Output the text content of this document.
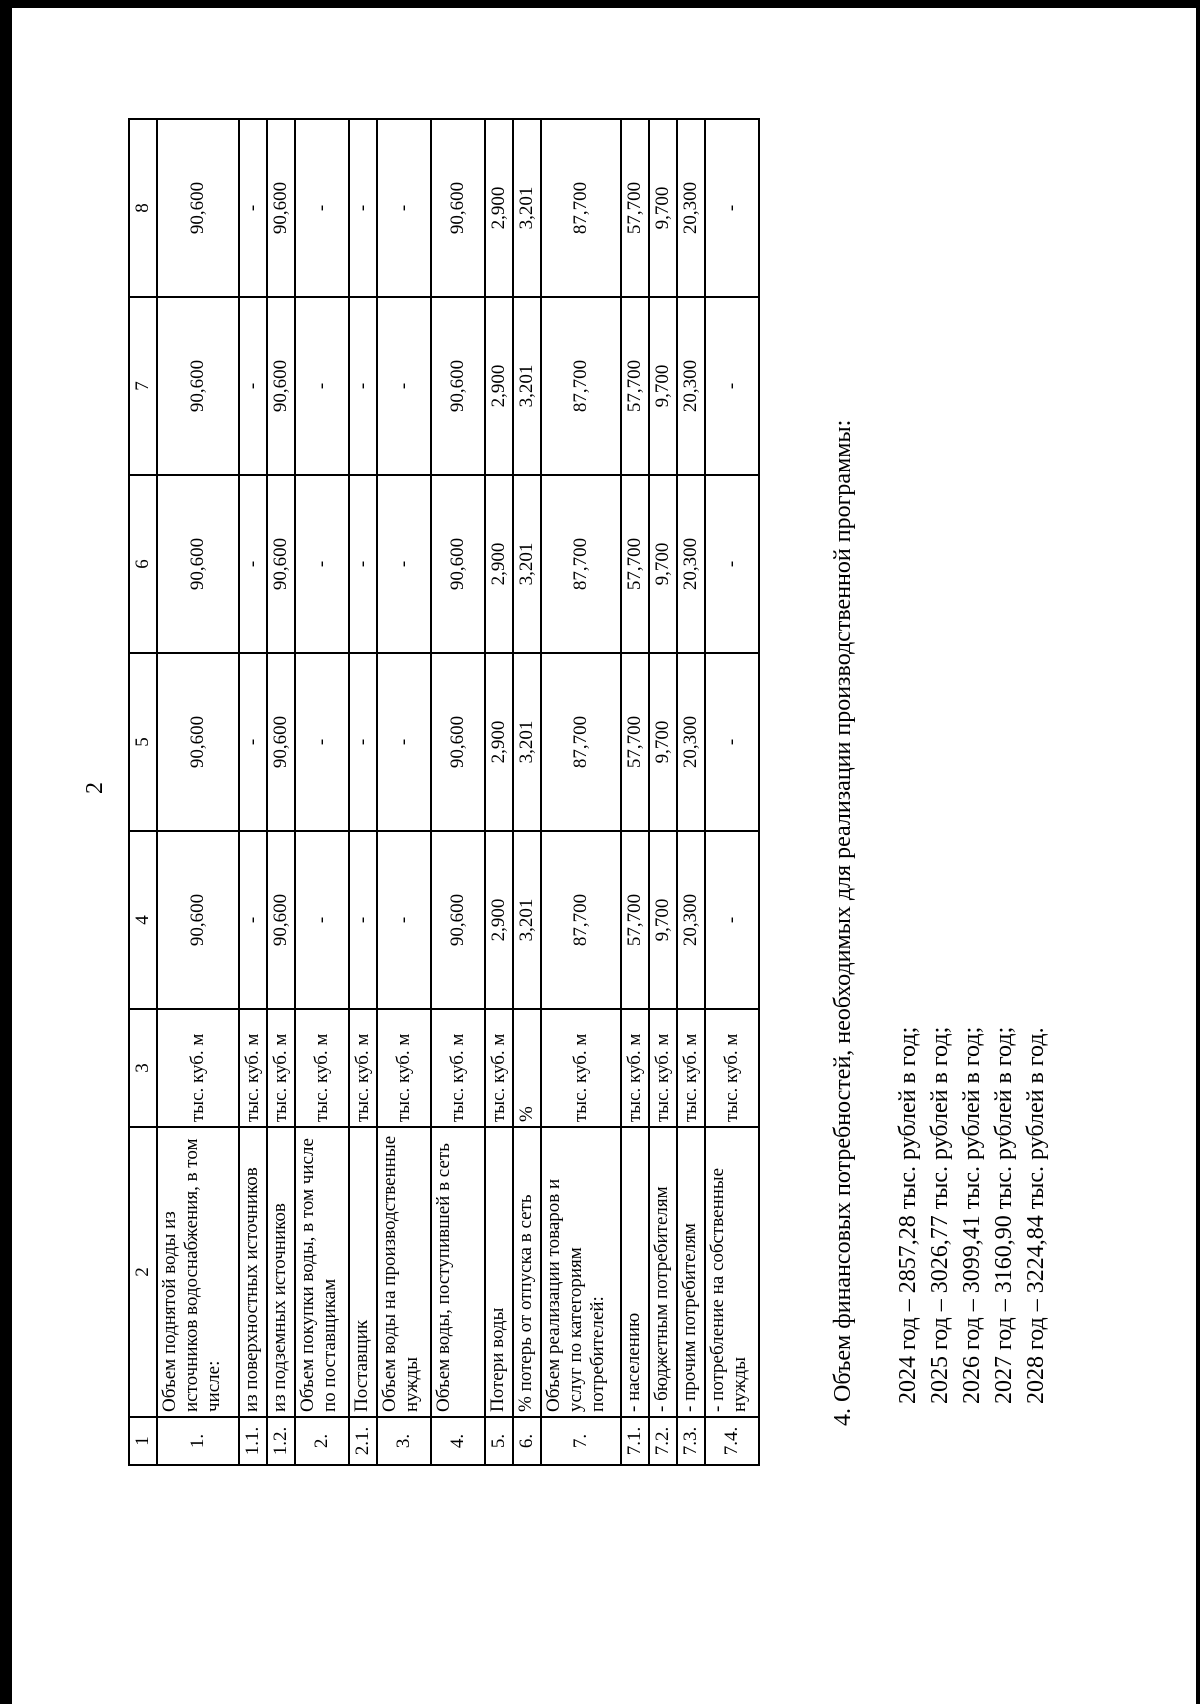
2
1	2	3	4	5	6	7	8
1.	Объем поднятой воды из источников водоснабжения, в том числе:	тыс. куб. м	90,600	90,600	90,600	90,600	90,600
1.1.	из поверхностных источников	тыс. куб. м	-	-	-	-	-
1.2.	из подземных источников	тыс. куб. м	90,600	90,600	90,600	90,600	90,600
2.	Объем покупки воды, в том числе по поставщикам	тыс. куб. м	-	-	-	-	-
2.1.	Поставщик	тыс. куб. м	-	-	-	-	-
3.	Объем воды на производственные нужды	тыс. куб. м	-	-	-	-	-
4.	Объем воды, поступившей в сеть	тыс. куб. м	90,600	90,600	90,600	90,600	90,600
5.	Потери воды	тыс. куб. м	2,900	2,900	2,900	2,900	2,900
6.	% потерь от отпуска в сеть	%	3,201	3,201	3,201	3,201	3,201
7.	Объем реализации товаров и услуг по категориям потребителей:	тыс. куб. м	87,700	87,700	87,700	87,700	87,700
7.1.	- населению	тыс. куб. м	57,700	57,700	57,700	57,700	57,700
7.2.	- бюджетным потребителям	тыс. куб. м	9,700	9,700	9,700	9,700	9,700
7.3.	- прочим потребителям	тыс. куб. м	20,300	20,300	20,300	20,300	20,300
7.4.	- потребление на собственные нужды	тыс. куб. м	-	-	-	-	-
4. Объем финансовых потребностей, необходимых для реализации производственной программы: 2024 год – 2857,28 тыс. рублей в год; 2025 год – 3026,77 тыс. рублей в год; 2026 год – 3099,41 тыс. рублей в год; 2027 год – 3160,90 тыс. рублей в год; 2028 год – 3224,84 тыс. рублей в год.
